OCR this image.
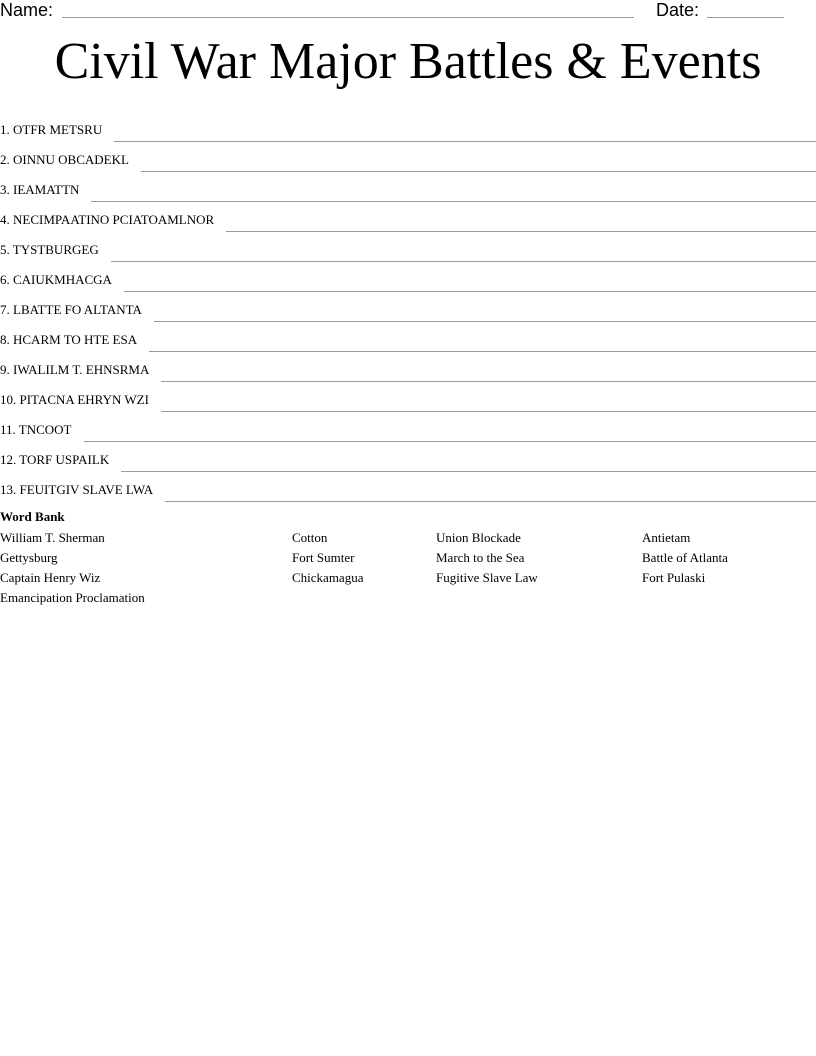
Name:	Date:
Civil War Major Battles & Events
1. OTFR METSRU
2. OINNU OBCADEKL
3. IEAMATTN
4. NECIMPAATINO PCIATOAMLNOR
5. TYSTBURGEG
6. CAIUKMHACGA
7. LBATTE FO ALTANTA
8. HCARM TO HTE ESA
9. IWALILM T. EHNSRMA
10. PITACNA EHRYN WZI
11. TNCOOT
12. TORF USPAILK
13. FEUITGIV SLAVE LWA

Word Bank

William T. Sherman
Gettysburg
Captain Henry Wiz
Emancipation Proclamation
Cotton
Fort Sumter
Chickamagua
Union Blockade
March to the Sea
Fugitive Slave Law
Antietam
Battle of Atlanta
Fort Pulaski
